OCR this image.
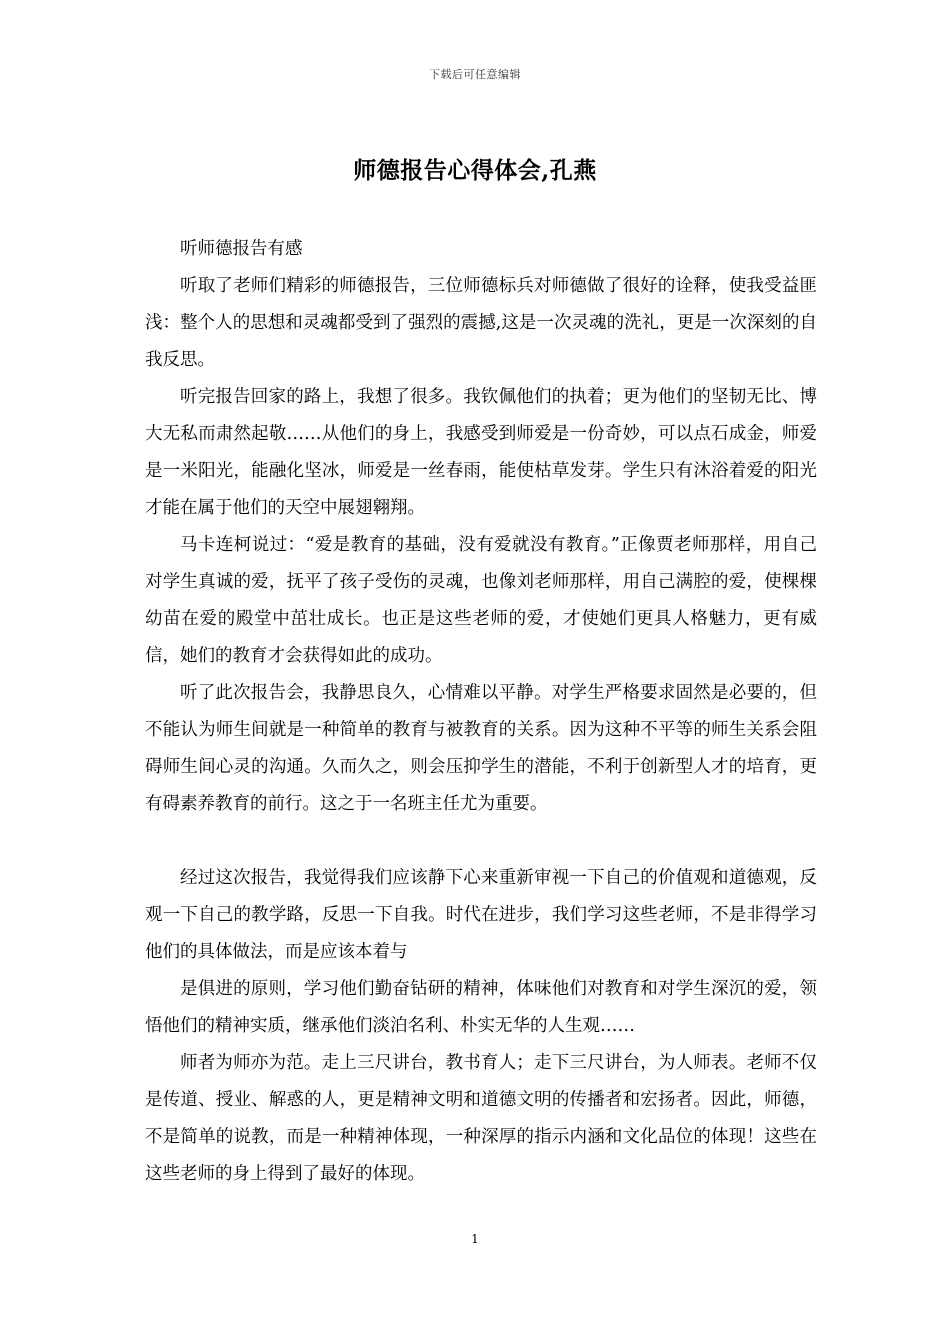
下载后可任意编辑
师德报告心得体会,孔燕

听师德报告有感

听取了老师们精彩的师德报告，三位师德标兵对师德做了很好的诠释，使我受益匪浅：整个人的思想和灵魂都受到了强烈的震撼,这是一次灵魂的洗礼，更是一次深刻的自我反思。

听完报告回家的路上，我想了很多。我钦佩他们的执着；更为他们的坚韧无比、博大无私而肃然起敬……从他们的身上，我感受到师爱是一份奇妙，可以点石成金，师爱是一米阳光，能融化坚冰，师爱是一丝春雨，能使枯草发芽。学生只有沐浴着爱的阳光才能在属于他们的天空中展翅翱翔。

马卡连柯说过：“爱是教育的基础，没有爱就没有教育。”正像贾老师那样，用自己对学生真诚的爱，抚平了孩子受伤的灵魂，也像刘老师那样，用自己满腔的爱，使棵棵幼苗在爱的殿堂中茁壮成长。也正是这些老师的爱，才使她们更具人格魅力，更有威信，她们的教育才会获得如此的成功。

听了此次报告会，我静思良久，心情难以平静。对学生严格要求固然是必要的，但不能认为师生间就是一种简单的教育与被教育的关系。因为这种不平等的师生关系会阻碍师生间心灵的沟通。久而久之，则会压抑学生的潜能，不利于创新型人才的培育，更有碍素养教育的前行。这之于一名班主任尤为重要。

经过这次报告，我觉得我们应该静下心来重新审视一下自己的价值观和道德观，反观一下自己的教学路，反思一下自我。时代在进步，我们学习这些老师，不是非得学习他们的具体做法，而是应该本着与

是俱进的原则，学习他们勤奋钻研的精神，体味他们对教育和对学生深沉的爱，领悟他们的精神实质，继承他们淡泊名利、朴实无华的人生观……

师者为师亦为范。走上三尺讲台，教书育人；走下三尺讲台，为人师表。老师不仅是传道、授业、解惑的人，更是精神文明和道德文明的传播者和宏扬者。因此，师德，不是简单的说教，而是一种精神体现，一种深厚的指示内涵和文化品位的体现！这些在这些老师的身上得到了最好的体现。

1
